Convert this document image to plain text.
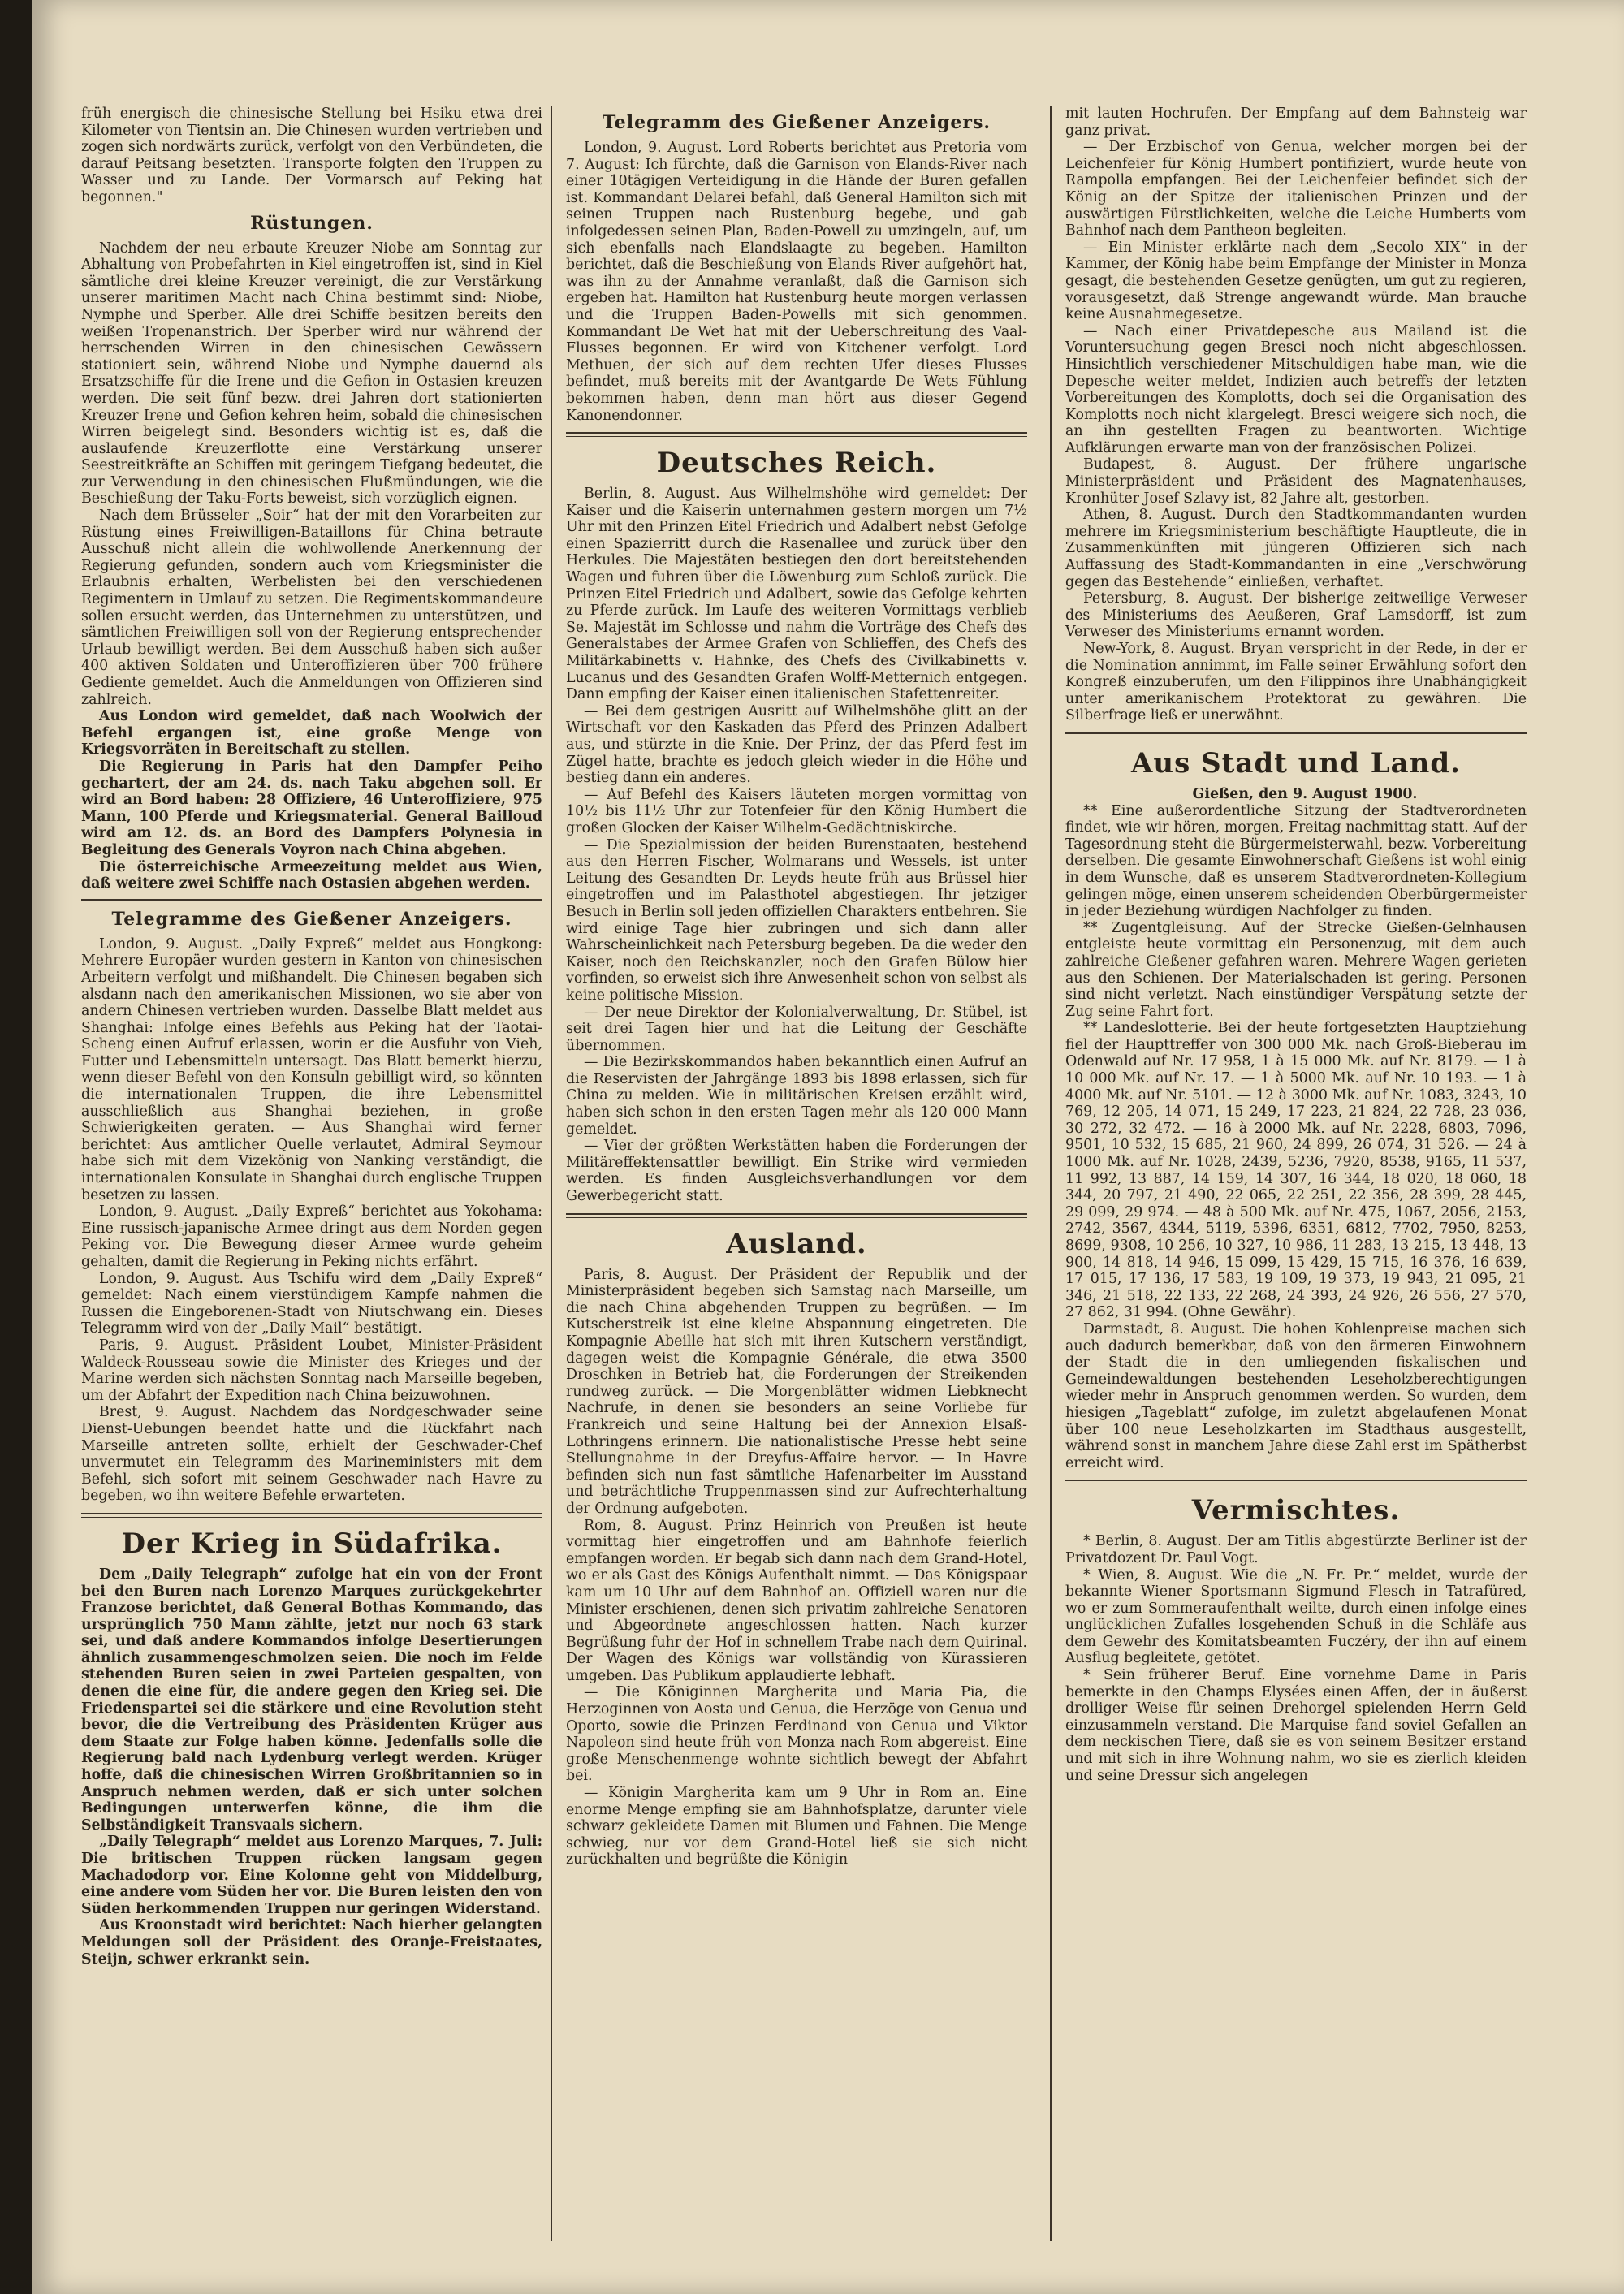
früh energisch die chinesische Stellung bei Hsiku etwa drei Kilometer von Tientsin an. Die Chinesen wurden vertrieben und zogen sich nordwärts zurück, verfolgt von den Verbündeten, die darauf Peitsang besetzten. Transporte folgten den Truppen zu Wasser und zu Lande. Der Vormarsch auf Peking hat begonnen."

Rüstungen.

Nachdem der neu erbaute Kreuzer Niobe am Sonntag zur Abhaltung von Probefahrten in Kiel eingetroffen ist, sind in Kiel sämtliche drei kleine Kreuzer vereinigt, die zur Verstärkung unserer maritimen Macht nach China bestimmt sind: Niobe, Nymphe und Sperber. Alle drei Schiffe besitzen bereits den weißen Tropenanstrich. Der Sperber wird nur während der herrschenden Wirren in den chinesischen Gewässern stationiert sein, während Niobe und Nymphe dauernd als Ersatzschiffe für die Irene und die Gefion in Ostasien kreuzen werden. Die seit fünf bezw. drei Jahren dort stationierten Kreuzer Irene und Gefion kehren heim, sobald die chinesischen Wirren beigelegt sind. Besonders wichtig ist es, daß die auslaufende Kreuzerflotte eine Verstärkung unserer Seestreitkräfte an Schiffen mit geringem Tiefgang bedeutet, die zur Verwendung in den chinesischen Flußmündungen, wie die Beschießung der Taku-Forts beweist, sich vorzüglich eignen.

Nach dem Brüsseler „Soir“ hat der mit den Vorarbeiten zur Rüstung eines Freiwilligen-Bataillons für China betraute Ausschuß nicht allein die wohlwollende Anerkennung der Regierung gefunden, sondern auch vom Kriegsminister die Erlaubnis erhalten, Werbelisten bei den verschiedenen Regimentern in Umlauf zu setzen. Die Regimentskommandeure sollen ersucht werden, das Unternehmen zu unterstützen, und sämtlichen Freiwilligen soll von der Regierung entsprechender Urlaub bewilligt werden. Bei dem Ausschuß haben sich außer 400 aktiven Soldaten und Unteroffizieren über 700 frühere Gediente gemeldet. Auch die Anmeldungen von Offizieren sind zahlreich.

Aus London wird gemeldet, daß nach Woolwich der Befehl ergangen ist, eine große Menge von Kriegsvorräten in Bereitschaft zu stellen.

Die Regierung in Paris hat den Dampfer Peiho gechartert, der am 24. ds. nach Taku abgehen soll. Er wird an Bord haben: 28 Offiziere, 46 Unteroffiziere, 975 Mann, 100 Pferde und Kriegsmaterial. General Bailloud wird am 12. ds. an Bord des Dampfers Polynesia in Begleitung des Generals Voyron nach China abgehen.

Die österreichische Armeezeitung meldet aus Wien, daß weitere zwei Schiffe nach Ostasien abgehen werden.

Telegramme des Gießener Anzeigers.

London, 9. August. „Daily Expreß“ meldet aus Hongkong: Mehrere Europäer wurden gestern in Kanton von chinesischen Arbeitern verfolgt und mißhandelt. Die Chinesen begaben sich alsdann nach den amerikanischen Missionen, wo sie aber von andern Chinesen vertrieben wurden. Dasselbe Blatt meldet aus Shanghai: Infolge eines Befehls aus Peking hat der Taotai-Scheng einen Aufruf erlassen, worin er die Ausfuhr von Vieh, Futter und Lebensmitteln untersagt. Das Blatt bemerkt hierzu, wenn dieser Befehl von den Konsuln gebilligt wird, so könnten die internationalen Truppen, die ihre Lebensmittel ausschließlich aus Shanghai beziehen, in große Schwierigkeiten geraten. — Aus Shanghai wird ferner berichtet: Aus amtlicher Quelle verlautet, Admiral Seymour habe sich mit dem Vizekönig von Nanking verständigt, die internationalen Konsulate in Shanghai durch englische Truppen besetzen zu lassen.

London, 9. August. „Daily Expreß“ berichtet aus Yokohama: Eine russisch-japanische Armee dringt aus dem Norden gegen Peking vor. Die Bewegung dieser Armee wurde geheim gehalten, damit die Regierung in Peking nichts erfährt.

London, 9. August. Aus Tschifu wird dem „Daily Expreß“ gemeldet: Nach einem vierstündigem Kampfe nahmen die Russen die Eingeborenen-Stadt von Niutschwang ein. Dieses Telegramm wird von der „Daily Mail“ bestätigt.

Paris, 9. August. Präsident Loubet, Minister-Präsident Waldeck-Rousseau sowie die Minister des Krieges und der Marine werden sich nächsten Sonntag nach Marseille begeben, um der Abfahrt der Expedition nach China beizuwohnen.

Brest, 9. August. Nachdem das Nordgeschwader seine Dienst-Uebungen beendet hatte und die Rückfahrt nach Marseille antreten sollte, erhielt der Geschwader-Chef unvermutet ein Telegramm des Marineministers mit dem Befehl, sich sofort mit seinem Geschwader nach Havre zu begeben, wo ihn weitere Befehle erwarteten.

Der Krieg in Südafrika.

Dem „Daily Telegraph“ zufolge hat ein von der Front bei den Buren nach Lorenzo Marques zurückgekehrter Franzose berichtet, daß General Bothas Kommando, das ursprünglich 750 Mann zählte, jetzt nur noch 63 stark sei, und daß andere Kommandos infolge Desertierungen ähnlich zusammengeschmolzen seien. Die noch im Felde stehenden Buren seien in zwei Parteien gespalten, von denen die eine für, die andere gegen den Krieg sei. Die Friedenspartei sei die stärkere und eine Revolution steht bevor, die die Vertreibung des Präsidenten Krüger aus dem Staate zur Folge haben könne. Jedenfalls solle die Regierung bald nach Lydenburg verlegt werden. Krüger hoffe, daß die chinesischen Wirren Großbritannien so in Anspruch nehmen werden, daß er sich unter solchen Bedingungen unterwerfen könne, die ihm die Selbständigkeit Transvaals sichern.

„Daily Telegraph“ meldet aus Lorenzo Marques, 7. Juli: Die britischen Truppen rücken langsam gegen Machadodorp vor. Eine Kolonne geht von Middelburg, eine andere vom Süden her vor. Die Buren leisten den von Süden herkommenden Truppen nur geringen Widerstand.

Aus Kroonstadt wird berichtet: Nach hierher gelangten Meldungen soll der Präsident des Oranje-Freistaates, Steijn, schwer erkrankt sein.

Telegramm des Gießener Anzeigers.

London, 9. August. Lord Roberts berichtet aus Pretoria vom 7. August: Ich fürchte, daß die Garnison von Elands-River nach einer 10tägigen Verteidigung in die Hände der Buren gefallen ist. Kommandant Delarei befahl, daß General Hamilton sich mit seinen Truppen nach Rustenburg begebe, und gab infolgedessen seinen Plan, Baden-Powell zu umzingeln, auf, um sich ebenfalls nach Elandslaagte zu begeben. Hamilton berichtet, daß die Beschießung von Elands River aufgehört hat, was ihn zu der Annahme veranlaßt, daß die Garnison sich ergeben hat. Hamilton hat Rustenburg heute morgen verlassen und die Truppen Baden-Powells mit sich genommen. Kommandant De Wet hat mit der Ueberschreitung des Vaal-Flusses begonnen. Er wird von Kitchener verfolgt. Lord Methuen, der sich auf dem rechten Ufer dieses Flusses befindet, muß bereits mit der Avantgarde De Wets Fühlung bekommen haben, denn man hört aus dieser Gegend Kanonendonner.

Deutsches Reich.

Berlin, 8. August. Aus Wilhelmshöhe wird gemeldet: Der Kaiser und die Kaiserin unternahmen gestern morgen um 7½ Uhr mit den Prinzen Eitel Friedrich und Adalbert nebst Gefolge einen Spazierritt durch die Rasenallee und zurück über den Herkules. Die Majestäten bestiegen den dort bereitstehenden Wagen und fuhren über die Löwenburg zum Schloß zurück. Die Prinzen Eitel Friedrich und Adalbert, sowie das Gefolge kehrten zu Pferde zurück. Im Laufe des weiteren Vormittags verblieb Se. Majestät im Schlosse und nahm die Vorträge des Chefs des Generalstabes der Armee Grafen von Schlieffen, des Chefs des Militärkabinetts v. Hahnke, des Chefs des Civilkabinetts v. Lucanus und des Gesandten Grafen Wolff-Metternich entgegen. Dann empfing der Kaiser einen italienischen Stafettenreiter.

— Bei dem gestrigen Ausritt auf Wilhelmshöhe glitt an der Wirtschaft vor den Kaskaden das Pferd des Prinzen Adalbert aus, und stürzte in die Knie. Der Prinz, der das Pferd fest im Zügel hatte, brachte es jedoch gleich wieder in die Höhe und bestieg dann ein anderes.

— Auf Befehl des Kaisers läuteten morgen vormittag von 10½ bis 11½ Uhr zur Totenfeier für den König Humbert die großen Glocken der Kaiser Wilhelm-Gedächtniskirche.

— Die Spezialmission der beiden Burenstaaten, bestehend aus den Herren Fischer, Wolmarans und Wessels, ist unter Leitung des Gesandten Dr. Leyds heute früh aus Brüssel hier eingetroffen und im Palasthotel abgestiegen. Ihr jetziger Besuch in Berlin soll jeden offiziellen Charakters entbehren. Sie wird einige Tage hier zubringen und sich dann aller Wahrscheinlichkeit nach Petersburg begeben. Da die weder den Kaiser, noch den Reichskanzler, noch den Grafen Bülow hier vorfinden, so erweist sich ihre Anwesenheit schon von selbst als keine politische Mission.

— Der neue Direktor der Kolonialverwaltung, Dr. Stübel, ist seit drei Tagen hier und hat die Leitung der Geschäfte übernommen.

— Die Bezirkskommandos haben bekanntlich einen Aufruf an die Reservisten der Jahrgänge 1893 bis 1898 erlassen, sich für China zu melden. Wie in militärischen Kreisen erzählt wird, haben sich schon in den ersten Tagen mehr als 120 000 Mann gemeldet.

— Vier der größten Werkstätten haben die Forderungen der Militäreffektensattler bewilligt. Ein Strike wird vermieden werden. Es finden Ausgleichsverhandlungen vor dem Gewerbegericht statt.

Ausland.

Paris, 8. August. Der Präsident der Republik und der Ministerpräsident begeben sich Samstag nach Marseille, um die nach China abgehenden Truppen zu begrüßen. — Im Kutscherstreik ist eine kleine Abspannung eingetreten. Die Kompagnie Abeille hat sich mit ihren Kutschern verständigt, dagegen weist die Kompagnie Générale, die etwa 3500 Droschken in Betrieb hat, die Forderungen der Streikenden rundweg zurück. — Die Morgenblätter widmen Liebknecht Nachrufe, in denen sie besonders an seine Vorliebe für Frankreich und seine Haltung bei der Annexion Elsaß-Lothringens erinnern. Die nationalistische Presse hebt seine Stellungnahme in der Dreyfus-Affaire hervor. — In Havre befinden sich nun fast sämtliche Hafenarbeiter im Ausstand und beträchtliche Truppenmassen sind zur Aufrechterhaltung der Ordnung aufgeboten.

Rom, 8. August. Prinz Heinrich von Preußen ist heute vormittag hier eingetroffen und am Bahnhofe feierlich empfangen worden. Er begab sich dann nach dem Grand-Hotel, wo er als Gast des Königs Aufenthalt nimmt. — Das Königspaar kam um 10 Uhr auf dem Bahnhof an. Offiziell waren nur die Minister erschienen, denen sich privatim zahlreiche Senatoren und Abgeordnete angeschlossen hatten. Nach kurzer Begrüßung fuhr der Hof in schnellem Trabe nach dem Quirinal. Der Wagen des Königs war vollständig von Kürassieren umgeben. Das Publikum applaudierte lebhaft.

— Die Königinnen Margherita und Maria Pia, die Herzoginnen von Aosta und Genua, die Herzöge von Genua und Oporto, sowie die Prinzen Ferdinand von Genua und Viktor Napoleon sind heute früh von Monza nach Rom abgereist. Eine große Menschenmenge wohnte sichtlich bewegt der Abfahrt bei.

— Königin Margherita kam um 9 Uhr in Rom an. Eine enorme Menge empfing sie am Bahnhofsplatze, darunter viele schwarz gekleidete Damen mit Blumen und Fahnen. Die Menge schwieg, nur vor dem Grand-Hotel ließ sie sich nicht zurückhalten und begrüßte die Königin

mit lauten Hochrufen. Der Empfang auf dem Bahnsteig war ganz privat.

— Der Erzbischof von Genua, welcher morgen bei der Leichenfeier für König Humbert pontifiziert, wurde heute von Rampolla empfangen. Bei der Leichenfeier befindet sich der König an der Spitze der italienischen Prinzen und der auswärtigen Fürstlichkeiten, welche die Leiche Humberts vom Bahnhof nach dem Pantheon begleiten.

— Ein Minister erklärte nach dem „Secolo XIX“ in der Kammer, der König habe beim Empfange der Minister in Monza gesagt, die bestehenden Gesetze genügten, um gut zu regieren, vorausgesetzt, daß Strenge angewandt würde. Man brauche keine Ausnahmegesetze.

— Nach einer Privatdepesche aus Mailand ist die Voruntersuchung gegen Bresci noch nicht abgeschlossen. Hinsichtlich verschiedener Mitschuldigen habe man, wie die Depesche weiter meldet, Indizien auch betreffs der letzten Vorbereitungen des Komplotts, doch sei die Organisation des Komplotts noch nicht klargelegt. Bresci weigere sich noch, die an ihn gestellten Fragen zu beantworten. Wichtige Aufklärungen erwarte man von der französischen Polizei.

Budapest, 8. August. Der frühere ungarische Ministerpräsident und Präsident des Magnatenhauses, Kronhüter Josef Szlavy ist, 82 Jahre alt, gestorben.

Athen, 8. August. Durch den Stadtkommandanten wurden mehrere im Kriegsministerium beschäftigte Hauptleute, die in Zusammenkünften mit jüngeren Offizieren sich nach Auffassung des Stadt-Kommandanten in eine „Verschwörung gegen das Bestehende“ einließen, verhaftet.

Petersburg, 8. August. Der bisherige zeitweilige Verweser des Ministeriums des Aeußeren, Graf Lamsdorff, ist zum Verweser des Ministeriums ernannt worden.

New-York, 8. August. Bryan verspricht in der Rede, in der er die Nomination annimmt, im Falle seiner Erwählung sofort den Kongreß einzuberufen, um den Filippinos ihre Unabhängigkeit unter amerikanischem Protektorat zu gewähren. Die Silberfrage ließ er unerwähnt.

Aus Stadt und Land.

Gießen, den 9. August 1900.

** Eine außerordentliche Sitzung der Stadtverordneten findet, wie wir hören, morgen, Freitag nachmittag statt. Auf der Tagesordnung steht die Bürgermeisterwahl, bezw. Vorbereitung derselben. Die gesamte Einwohnerschaft Gießens ist wohl einig in dem Wunsche, daß es unserem Stadtverordneten-Kollegium gelingen möge, einen unserem scheidenden Oberbürgermeister in jeder Beziehung würdigen Nachfolger zu finden.

** Zugentgleisung. Auf der Strecke Gießen-Gelnhausen entgleiste heute vormittag ein Personenzug, mit dem auch zahlreiche Gießener gefahren waren. Mehrere Wagen gerieten aus den Schienen. Der Materialschaden ist gering. Personen sind nicht verletzt. Nach einstündiger Verspätung setzte der Zug seine Fahrt fort.

** Landeslotterie. Bei der heute fortgesetzten Hauptziehung fiel der Haupttreffer von 300 000 Mk. nach Groß-Bieberau im Odenwald auf Nr. 17 958, 1 à 15 000 Mk. auf Nr. 8179. — 1 à 10 000 Mk. auf Nr. 17. — 1 à 5000 Mk. auf Nr. 10 193. — 1 à 4000 Mk. auf Nr. 5101. — 12 à 3000 Mk. auf Nr. 1083, 3243, 10 769, 12 205, 14 071, 15 249, 17 223, 21 824, 22 728, 23 036, 30 272, 32 472. — 16 à 2000 Mk. auf Nr. 2228, 6803, 7096, 9501, 10 532, 15 685, 21 960, 24 899, 26 074, 31 526. — 24 à 1000 Mk. auf Nr. 1028, 2439, 5236, 7920, 8538, 9165, 11 537, 11 992, 13 887, 14 159, 14 307, 16 344, 18 020, 18 060, 18 344, 20 797, 21 490, 22 065, 22 251, 22 356, 28 399, 28 445, 29 099, 29 974. — 48 à 500 Mk. auf Nr. 475, 1067, 2056, 2153, 2742, 3567, 4344, 5119, 5396, 6351, 6812, 7702, 7950, 8253, 8699, 9308, 10 256, 10 327, 10 986, 11 283, 13 215, 13 448, 13 900, 14 818, 14 946, 15 099, 15 429, 15 715, 16 376, 16 639, 17 015, 17 136, 17 583, 19 109, 19 373, 19 943, 21 095, 21 346, 21 518, 22 133, 22 268, 24 393, 24 926, 26 556, 27 570, 27 862, 31 994. (Ohne Gewähr).

Darmstadt, 8. August. Die hohen Kohlenpreise machen sich auch dadurch bemerkbar, daß von den ärmeren Einwohnern der Stadt die in den umliegenden fiskalischen und Gemeindewaldungen bestehenden Leseholzberechtigungen wieder mehr in Anspruch genommen werden. So wurden, dem hiesigen „Tageblatt“ zufolge, im zuletzt abgelaufenen Monat über 100 neue Leseholzkarten im Stadthaus ausgestellt, während sonst in manchem Jahre diese Zahl erst im Spätherbst erreicht wird.

Vermischtes.

* Berlin, 8. August. Der am Titlis abgestürzte Berliner ist der Privatdozent Dr. Paul Vogt.

* Wien, 8. August. Wie die „N. Fr. Pr.“ meldet, wurde der bekannte Wiener Sportsmann Sigmund Flesch in Tatrafüred, wo er zum Sommeraufenthalt weilte, durch einen infolge eines unglücklichen Zufalles losgehenden Schuß in die Schläfe aus dem Gewehr des Komitatsbeamten Fuczéry, der ihn auf einem Ausflug begleitete, getötet.

* Sein früherer Beruf. Eine vornehme Dame in Paris bemerkte in den Champs Elysées einen Affen, der in äußerst drolliger Weise für seinen Drehorgel spielenden Herrn Geld einzusammeln verstand. Die Marquise fand soviel Gefallen an dem neckischen Tiere, daß sie es von seinem Besitzer erstand und mit sich in ihre Wohnung nahm, wo sie es zierlich kleiden und seine Dressur sich angelegen
